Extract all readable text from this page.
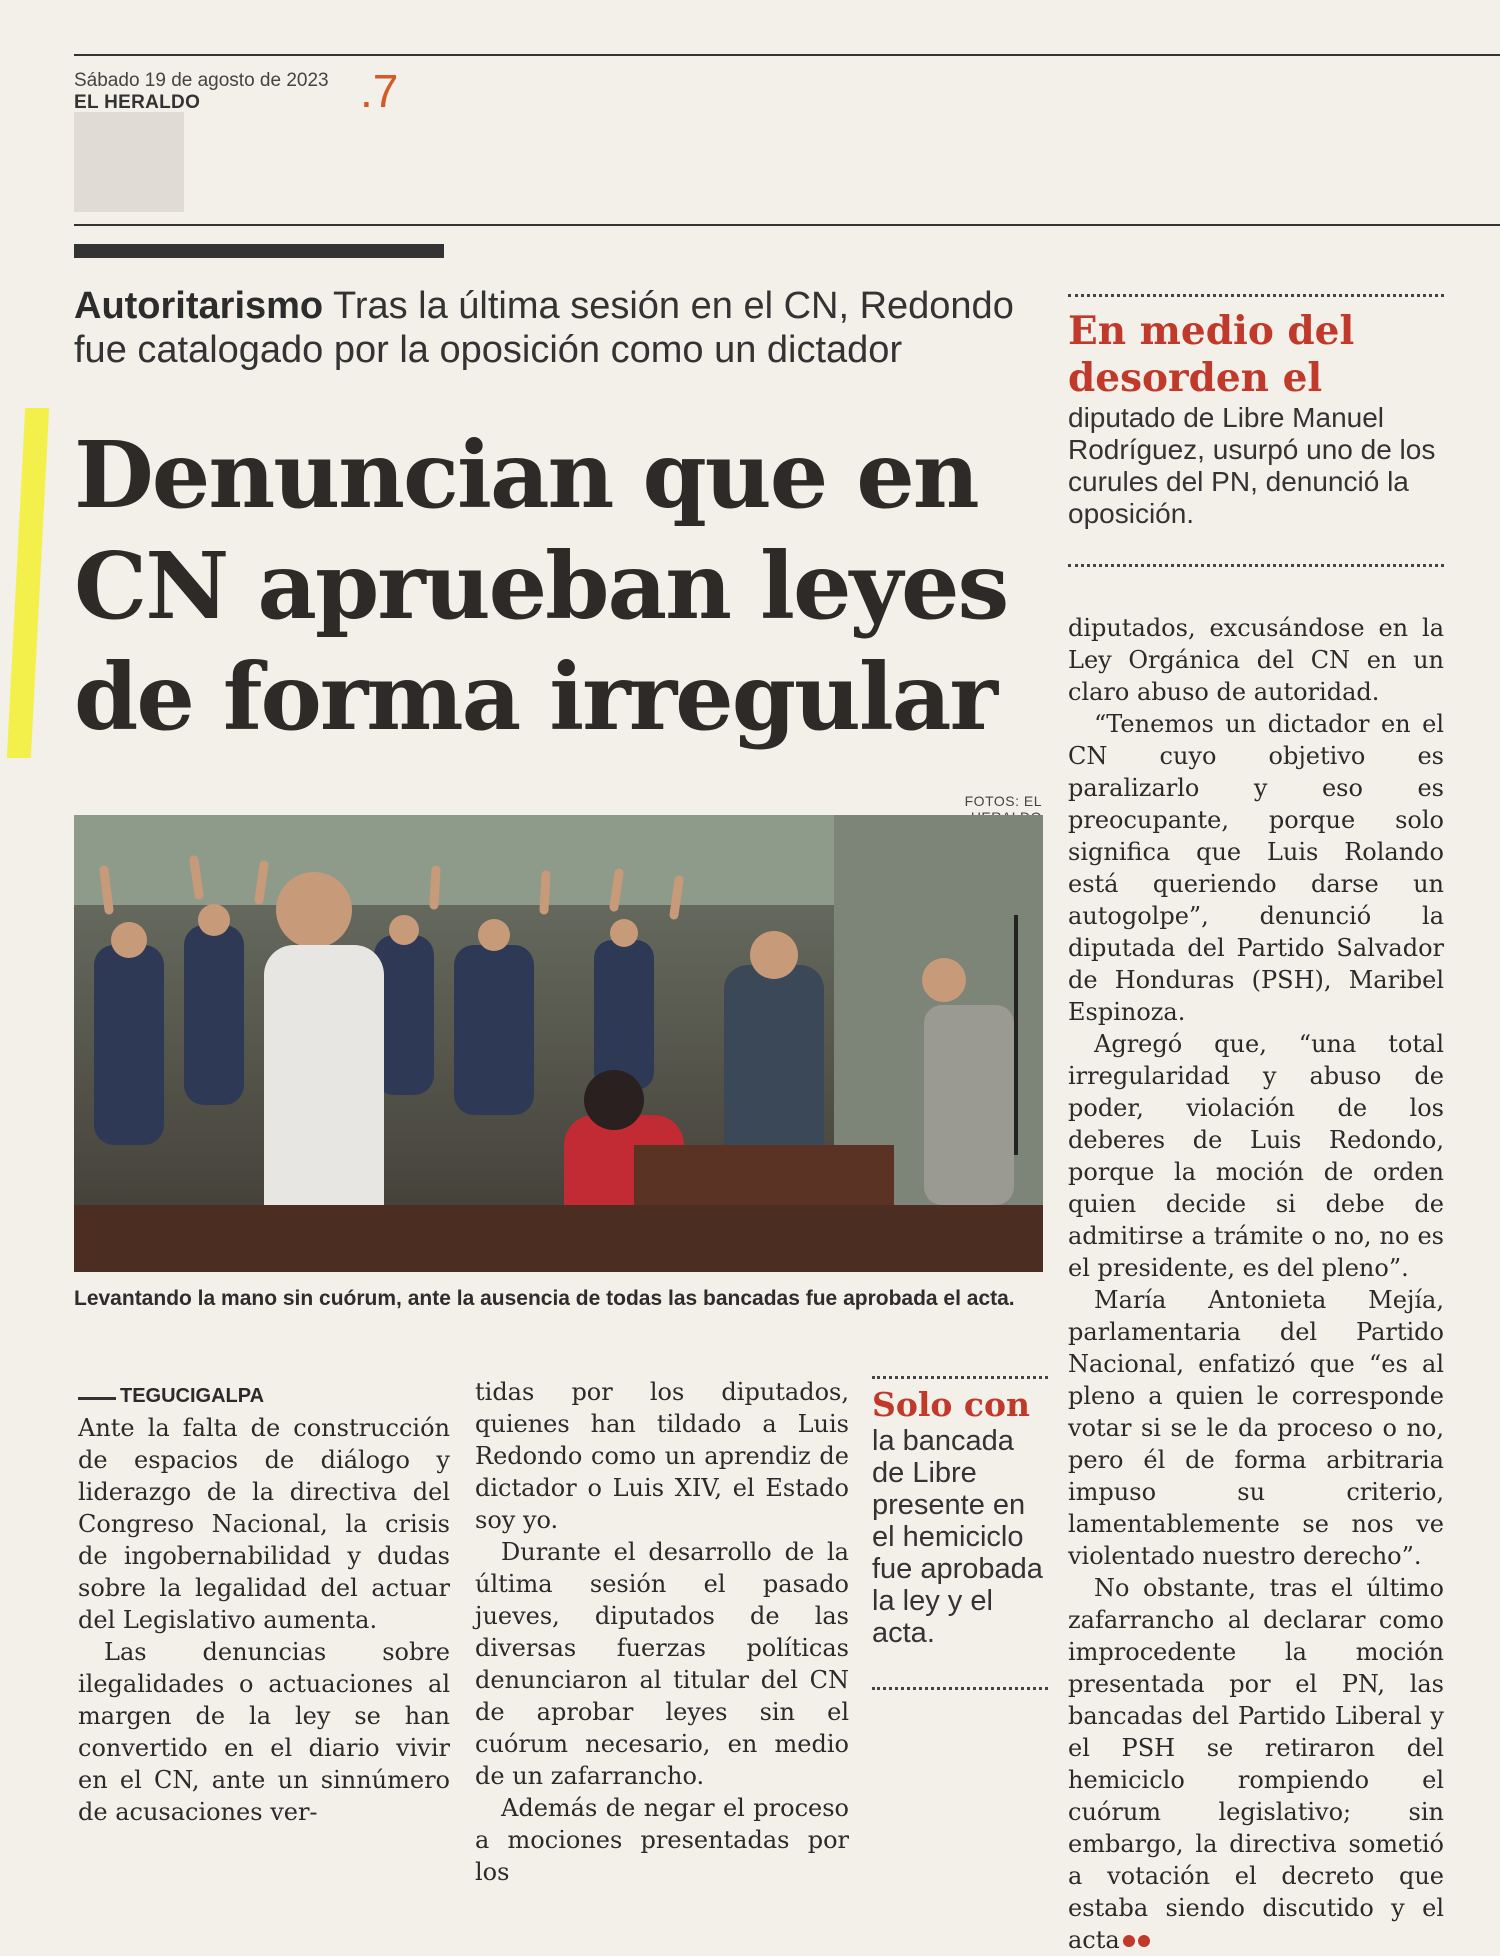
Sábado 19 de agosto de 2023
EL HERALDO	.7
Autoritarismo Tras la última sesión en el CN, Redondo fue catalogado por la oposición como un dictador
Denuncian que en CN aprueban leyes de forma irregular
En medio del desorden el
diputado de Libre Manuel Rodríguez, usurpó uno de los curules del PN, denunció la oposición.
FOTOS: EL
Levantando la mano sin cuórum, ante la ausencia de todas las bancadas fue aprobada el acta.
TEGUCIGALPA

Ante la falta de construcción de espacios de diálogo y liderazgo de la directiva del Congreso Nacional, la crisis de ingobernabilidad y dudas sobre la legalidad del actuar del Legislativo aumenta.

Las denuncias sobre ilegalidades o actuaciones al margen de la ley se han convertido en el diario vivir en el CN, ante un sinnúmero de acusaciones ver-

tidas por los diputados, quienes han tildado a Luis Redondo como un aprendiz de dictador o Luis XIV, el Estado soy yo.

Durante el desarrollo de la última sesión el pasado jueves, diputados de las diversas fuerzas políticas denunciaron al titular del CN de aprobar leyes sin el cuórum necesario, en medio de un zafarrancho.

Además de negar el proceso a mociones presentadas por los

Solo con
la bancada de Libre presente en el hemiciclo fue aprobada la ley y el acta.

diputados, excusándose en la Ley Orgánica del CN en un claro abuso de autoridad.

“Tenemos un dictador en el CN cuyo objetivo es paralizarlo y eso es preocupante, porque solo significa que Luis Rolando está queriendo darse un autogolpe”, denunció la diputada del Partido Salvador de Honduras (PSH), Maribel Espinoza.

Agregó que, “una total irregularidad y abuso de poder, violación de los deberes de Luis Redondo, porque la moción de orden quien decide si debe de admitirse a trámite o no, no es el presidente, es del pleno”.

María Antonieta Mejía, parlamentaria del Partido Nacional, enfatizó que “es al pleno a quien le corresponde votar si se le da proceso o no, pero él de forma arbitraria impuso su criterio, lamentablemente se nos ve violentado nuestro derecho”.

No obstante, tras el último zafarrancho al declarar como improcedente la moción presentada por el PN, las bancadas del Partido Liberal y el PSH se retiraron del hemiciclo rompiendo el cuórum legislativo; sin embargo, la directiva sometió a votación el decreto que estaba siendo discutido y el acta
